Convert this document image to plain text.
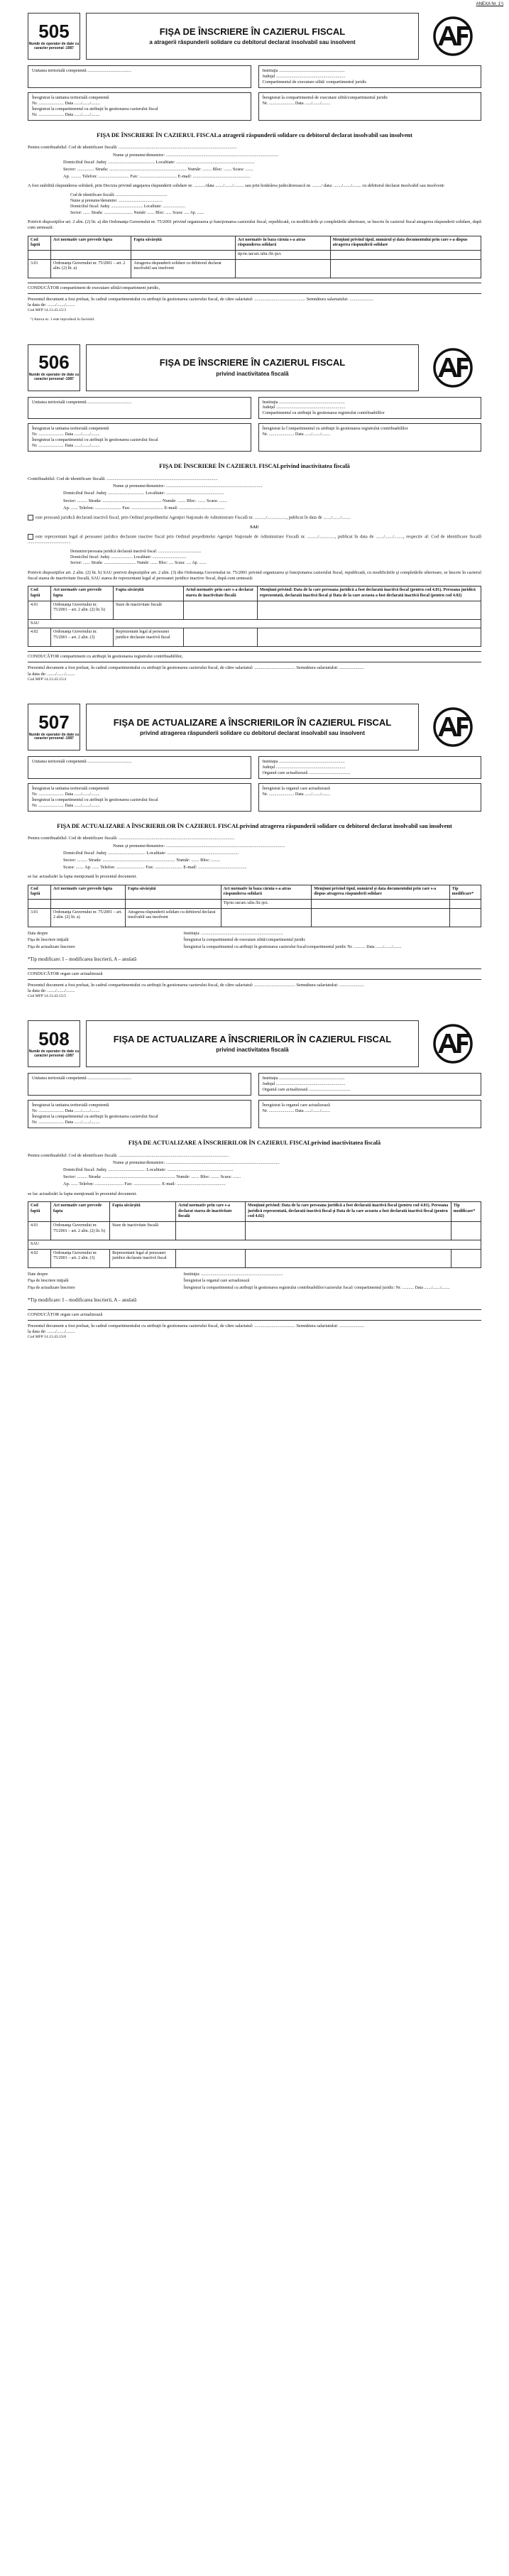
ANEXA Nr. 1¹)
505
Număr de operator de date cu caracter personal -1087
FIŞA DE ÎNSCRIERE ÎN CAZIERUL FISCAL
a atragerii răspunderii solidare cu debitorul declarat insolvabil sau insolvent
Unitatea teritorială competentă ........................................	Instituţia ............................................................
Judeţul ...............................................................
Compartimentul de executare silită/ compartimentul juridic
Înregistrat la unitatea teritorială competentă
Nr. ....................... Data ....../......./........
Înregistrat la compartimentul cu atribuţii în gestionarea cazierului fiscal
Nr. ....................... Data ....../......./........
Înregistrat la compartimentul de executare silită/compartimentul juridic
Nr. ....................... Data ....../......./........
FIŞA DE ÎNSCRIERE ÎN CAZIERUL FISCALa atragerii răspunderii solidare cu debitorul declarat insolvabil sau insolvent
Pentru contribuabilul: Cod de identificare fiscală: ........................................................................................................
Nume şi prenume/denumire: ...................................................................................................
Domiciliul fiscal: Judeţ: ......................................... Localitate: .....................................................................
Sector: ............... Strada: .................................................................... Număr: ........ Bloc: ....... Scara: .......
Ap. ......... Telefon: ........................... Fax: ................................. E-mail: ...................................................
A fost stabilită răspunderea solidară, prin Decizia privind angajarea răspunderii solidare nr. ........../data ......./......./......... sau prin hotărârea judecătorească nr. ......../ data: ......./......./........ cu debitorul declarat insolvabil sau insolvent:
Cod de identificare fiscală: ..................................................
Nume şi prenume/denumire: ...........................................
Domiciliul fiscal: Judeţ: ............................... Localitate: ......................
Sector: ....... Strada: ............................ Număr: ....... Bloc: ...... Scara: ..... Ap. .......
Potrivit dispoziţiilor art. 2 alin. (2) lit. a) din Ordonanţa Guvernului nr. 75/2001 privind organizarea şi funcţionarea cazierului fiscal, republicată, cu modificările şi completările ulterioare, se înscrie în cazierul fiscal atragerea răspunderii solidare, după cum urmează:
Cod faptă	Act normativ care prevede fapta	Fapta săvârşită	Act normativ în baza căruia s-a atras răspunderea solidară	Menţiuni privind tipul, numărul şi data documentului prin care s-a dispus atragerea răspunderii solidare
			tip/nr./an/art./alin./lit./pct.	
3.01	Ordonanţa Guvernului nr. 75/2001 – art. 2 alin. (2) lit. a)	Atragerea răspunderii solidare cu debitorul declarat insolvabil sau insolvent		
CONDUCĂTOR compartiment de executare silită/compartiment juridic,
Prezentul document a fost preluat, în cadrul compartimentului cu atribuţii în gestionarea cazierului fiscal, de către salariatul: ............................................. Semnătura salariatului: .....................
la data de: ......./......./........
Cod MFP 14.13.43.15/3
¹) Anexa nr. 1 este reprodusă în facsimil.
506
Număr de operator de date cu caracter personal -1087
FIŞA DE ÎNSCRIERE ÎN CAZIERUL FISCAL
privind inactivitatea fiscală
Unitatea teritorială competentă ........................................	Instituţia ............................................................
Judeţul ...............................................................
Compartimentul cu atribuţii în gestionarea registrului contribuabililor
Înregistrat la unitatea teritorială competentă
Nr. ....................... Data ....../......./........
Înregistrat la compartimentul cu atribuţii în gestionarea cazierului fiscal
Nr. ....................... Data ....../......./........
Înregistrat la Compartimentul cu atribuţii în gestionarea registrului contribuabililor
Nr. ....................... Data ....../......./........
FIŞA DE ÎNSCRIERE ÎN CAZIERUL FISCALprivind inactivitatea fiscală
Contribuabilul: Cod de identificare fiscală: ..................................................................................................
Nume şi prenume/denumire: .....................................................................................
Domiciliul fiscal: Judeţ: ................................ Localitate: ...................................................
Sector: ......... Strada: .................................................... Număr: ....... Bloc: ....... Scara: .......
Ap. ...... Telefon: ....................... Fax: ............................ E-mail: ........................................
este persoană juridică declarată inactivă fiscal, prin Ordinul preşedintelui Agenţiei Naţionale de Administrare Fiscală nr. ........../................., publicat în data de ......./......./........
SAU
este reprezentant legal al persoanei juridice declarate inactive fiscal prin Ordinul preşedintelui Agenţiei Naţionale de Administrare Fiscală nr. ........./.............., publicat în data de ......./......./........, respectiv al: Cod de identificare fiscală ......................................
Denumire/persoana juridică declarată inactivă fiscal: ..........................................
Domiciliul fiscal: Judeţ: ..................... Localitate: .................................
Sector: ....... Strada: ............................... Număr: ....... Bloc: ..... Scara: ..... Ap. .......
Potrivit dispoziţiilor art. 2 alin. (2) lit. b) SAU potrivit dispoziţiilor art. 2 alin. (3) din Ordonanţa Guvernului nr. 75/2001 privind organizarea şi funcţionarea cazierului fiscal, republicată, cu modificările şi completările ulterioare, se înscrie în cazierul fiscal starea de inactivitate fiscală, SAU starea de reprezentant legal al persoanei juridice inactive fiscal, după cum urmează:
Cod faptă	Act normativ care prevede fapta	Fapta săvârşită	Actul normativ prin care s-a declarat starea de inactivitate fiscală	Menţiuni privind: Data de la care persoana juridică a fost declarată inactivă fiscal (pentru cod 4.01). Persoana juridică reprezentată, declarată inactivă fiscal şi Data de la care aceasta a fost declarată inactivă fiscal (pentru cod 4.02)
4.01	Ordonanţa Guvernului nr. 75/2001 – art. 2 alin. (2) lit. b)	Stare de inactivitate fiscală		
SAU				
4.02	Ordonanţa Guvernului nr. 75/2001 – art. 2 alin. (3)	Reprezentant legal al persoanei juridice declarate inactivă fiscal		
CONDUCĂTOR compartiment cu atribuţii în gestionarea registrului contribuabililor,
Prezentul document a fost preluat, în cadrul compartimentului cu atribuţii în gestionarea cazierului fiscal, de către salariatul: .................................... Semnătura salariatului: ......................
la data de: ......./......./........
Cod MFP 14.13.43.15/4
507
Număr de operator de date cu caracter personal -1087
FIŞA DE ACTUALIZARE A ÎNSCRIERILOR ÎN CAZIERUL FISCAL
privind atragerea răspunderii solidare cu debitorul declarat insolvabil sau insolvent
Unitatea teritorială competentă ........................................	Instituţia ............................................................
Judeţul ...............................................................
Organul care actualizează ......................................
Înregistrat la unitatea teritorială competentă
Nr. ....................... Data ....../......./........
Înregistrat la compartimentul cu atribuţii în gestionarea cazierului fiscal
Nr. ....................... Data ....../......./........
Înregistrat la organul care actualizează
Nr. ....................... Data ....../......./........
FIŞA DE ACTUALIZARE A ÎNSCRIERILOR ÎN CAZIERUL FISCALprivind atragerea răspunderii solidare cu debitorul declarat insolvabil sau insolvent
Pentru contribuabilul: Cod de identificare fiscală: ......................................................................................................
Nume şi prenume/denumire: .........................................................................................................
Domiciliul fiscal: Judeţ: ................................. Localitate: ...............................................................
Sector: ......... Strada: ................................................................ Număr: ....... Bloc: ........
Scara: ....... Ap. ...... Telefon: ......................... Fax: ........................ E-mail: ...........................................
se fac actualizări la fapta menţionată în prezentul document.
Cod faptă	Act normativ care prevede fapta	Fapta săvârşită	Act normativ în baza căruia s-a atras răspunderea solidară	Menţiuni privind tipul, numărul şi data documentului prin care s-a dispus atragerea răspunderii solidare	Tip modificare*
			Tip/nr./an/art./alin./lit./pct.		
3.01	Ordonanţa Guvernului nr. 75/2001 – art. 2 alin. (2) lit. a)	Atragerea răspunderii solidare cu debitorul declarat insolvabil sau insolvent			
Data despre	Instituţia: .............................................................................
Fişa de înscriere iniţială	Înregistrat la compartimentul de executare silită/compartimentul juridic
Fişa de actualizare înscriere	Înregistrat la compartimentul cu atribuţii în gestionarea cazierului fiscal/compartimentul juridic Nr. ........... Data ......./......./........
*Tip modificare: I – modificarea înscrierii, A – anulată
CONDUCĂTOR organ care actualizează
Prezentul document a fost preluat, în cadrul compartimentului cu atribuţii în gestionarea cazierului fiscal, de către salariatul: .................................... Semnătura salariatului: ......................
la data de: ......./......./........
Cod MFP 14.13.43.15/5
508
Număr de operator de date cu caracter personal -1087
FIŞA DE ACTUALIZARE A ÎNSCRIERILOR ÎN CAZIERUL FISCAL
privind inactivitatea fiscală
Unitatea teritorială competentă ........................................	Instituţia ............................................................
Judeţul ...............................................................
Organul care actualizează ......................................
Înregistrat la unitatea teritorială competentă
Nr. ....................... Data ....../......./........
Înregistrat la compartimentul cu atribuţii în gestionarea cazierului fiscal
Nr. ....................... Data ....../......./........
Înregistrat la organul care actualizează
Nr. ....................... Data ....../......./........
FIŞA DE ACTUALIZARE A ÎNSCRIERILOR ÎN CAZIERUL FISCALprivind inactivitatea fiscală
Pentru contribuabilul: Cod de identificare fiscală: .................................................................................................
Nume şi prenume/denumire: ....................................................................................................
Domiciliul fiscal: Judeţ: ................................. Localitate: ..........................................................
Sector: ......... Strada: ................................................................ Număr: ....... Bloc: ....... Scara: .......
Ap. ...... Telefon: ......................... Fax: ........................ E-mail: ...........................................
se fac actualizări la fapta menţionată în prezentul document.
Cod faptă	Act normativ care prevede fapta	Fapta săvârşită	Actul normativ prin care s-a declarat starea de inactivitate fiscală	Menţiuni privind: Data de la care persoana juridică a fost declarată inactivă fiscal (pentru cod 4.01). Persoana juridică reprezentată, declarată inactivă fiscal şi Data de la care aceasta a fost declarată inactivă fiscal (pentru cod 4.02)	Tip modificare*
4.01	Ordonanţa Guvernului nr. 75/2001 – art. 2 alin. (2) lit. b)	Stare de inactivitate fiscală			
SAU					
4.02	Ordonanţa Guvernului nr. 75/2001 – art. 2 alin. (3)	Reprezentant legal al persoanei juridice declarate inactivă fiscal			
Date despre	Instituţia: .............................................................................
Fişa de înscriere iniţială	Înregistrat la organul care actualizează
Fişa de actualizare înscriere	Înregistrat la compartimentul cu atribuţii în gestionarea registrului contribuabililor/cazierului fiscal/ compartimentul juridic: Nr. ........... Data ......./......./........
*Tip modificare: I – modificarea înscrierii, A – anulată
CONDUCĂTOR organ care actualizează
Prezentul document a fost preluat, în cadrul compartimentului cu atribuţii în gestionarea cazierului fiscal, de către salariatul: .................................... Semnătura salariatului: ......................
la data de: ......./......./........
Cod MFP 14.13.43.15/6
